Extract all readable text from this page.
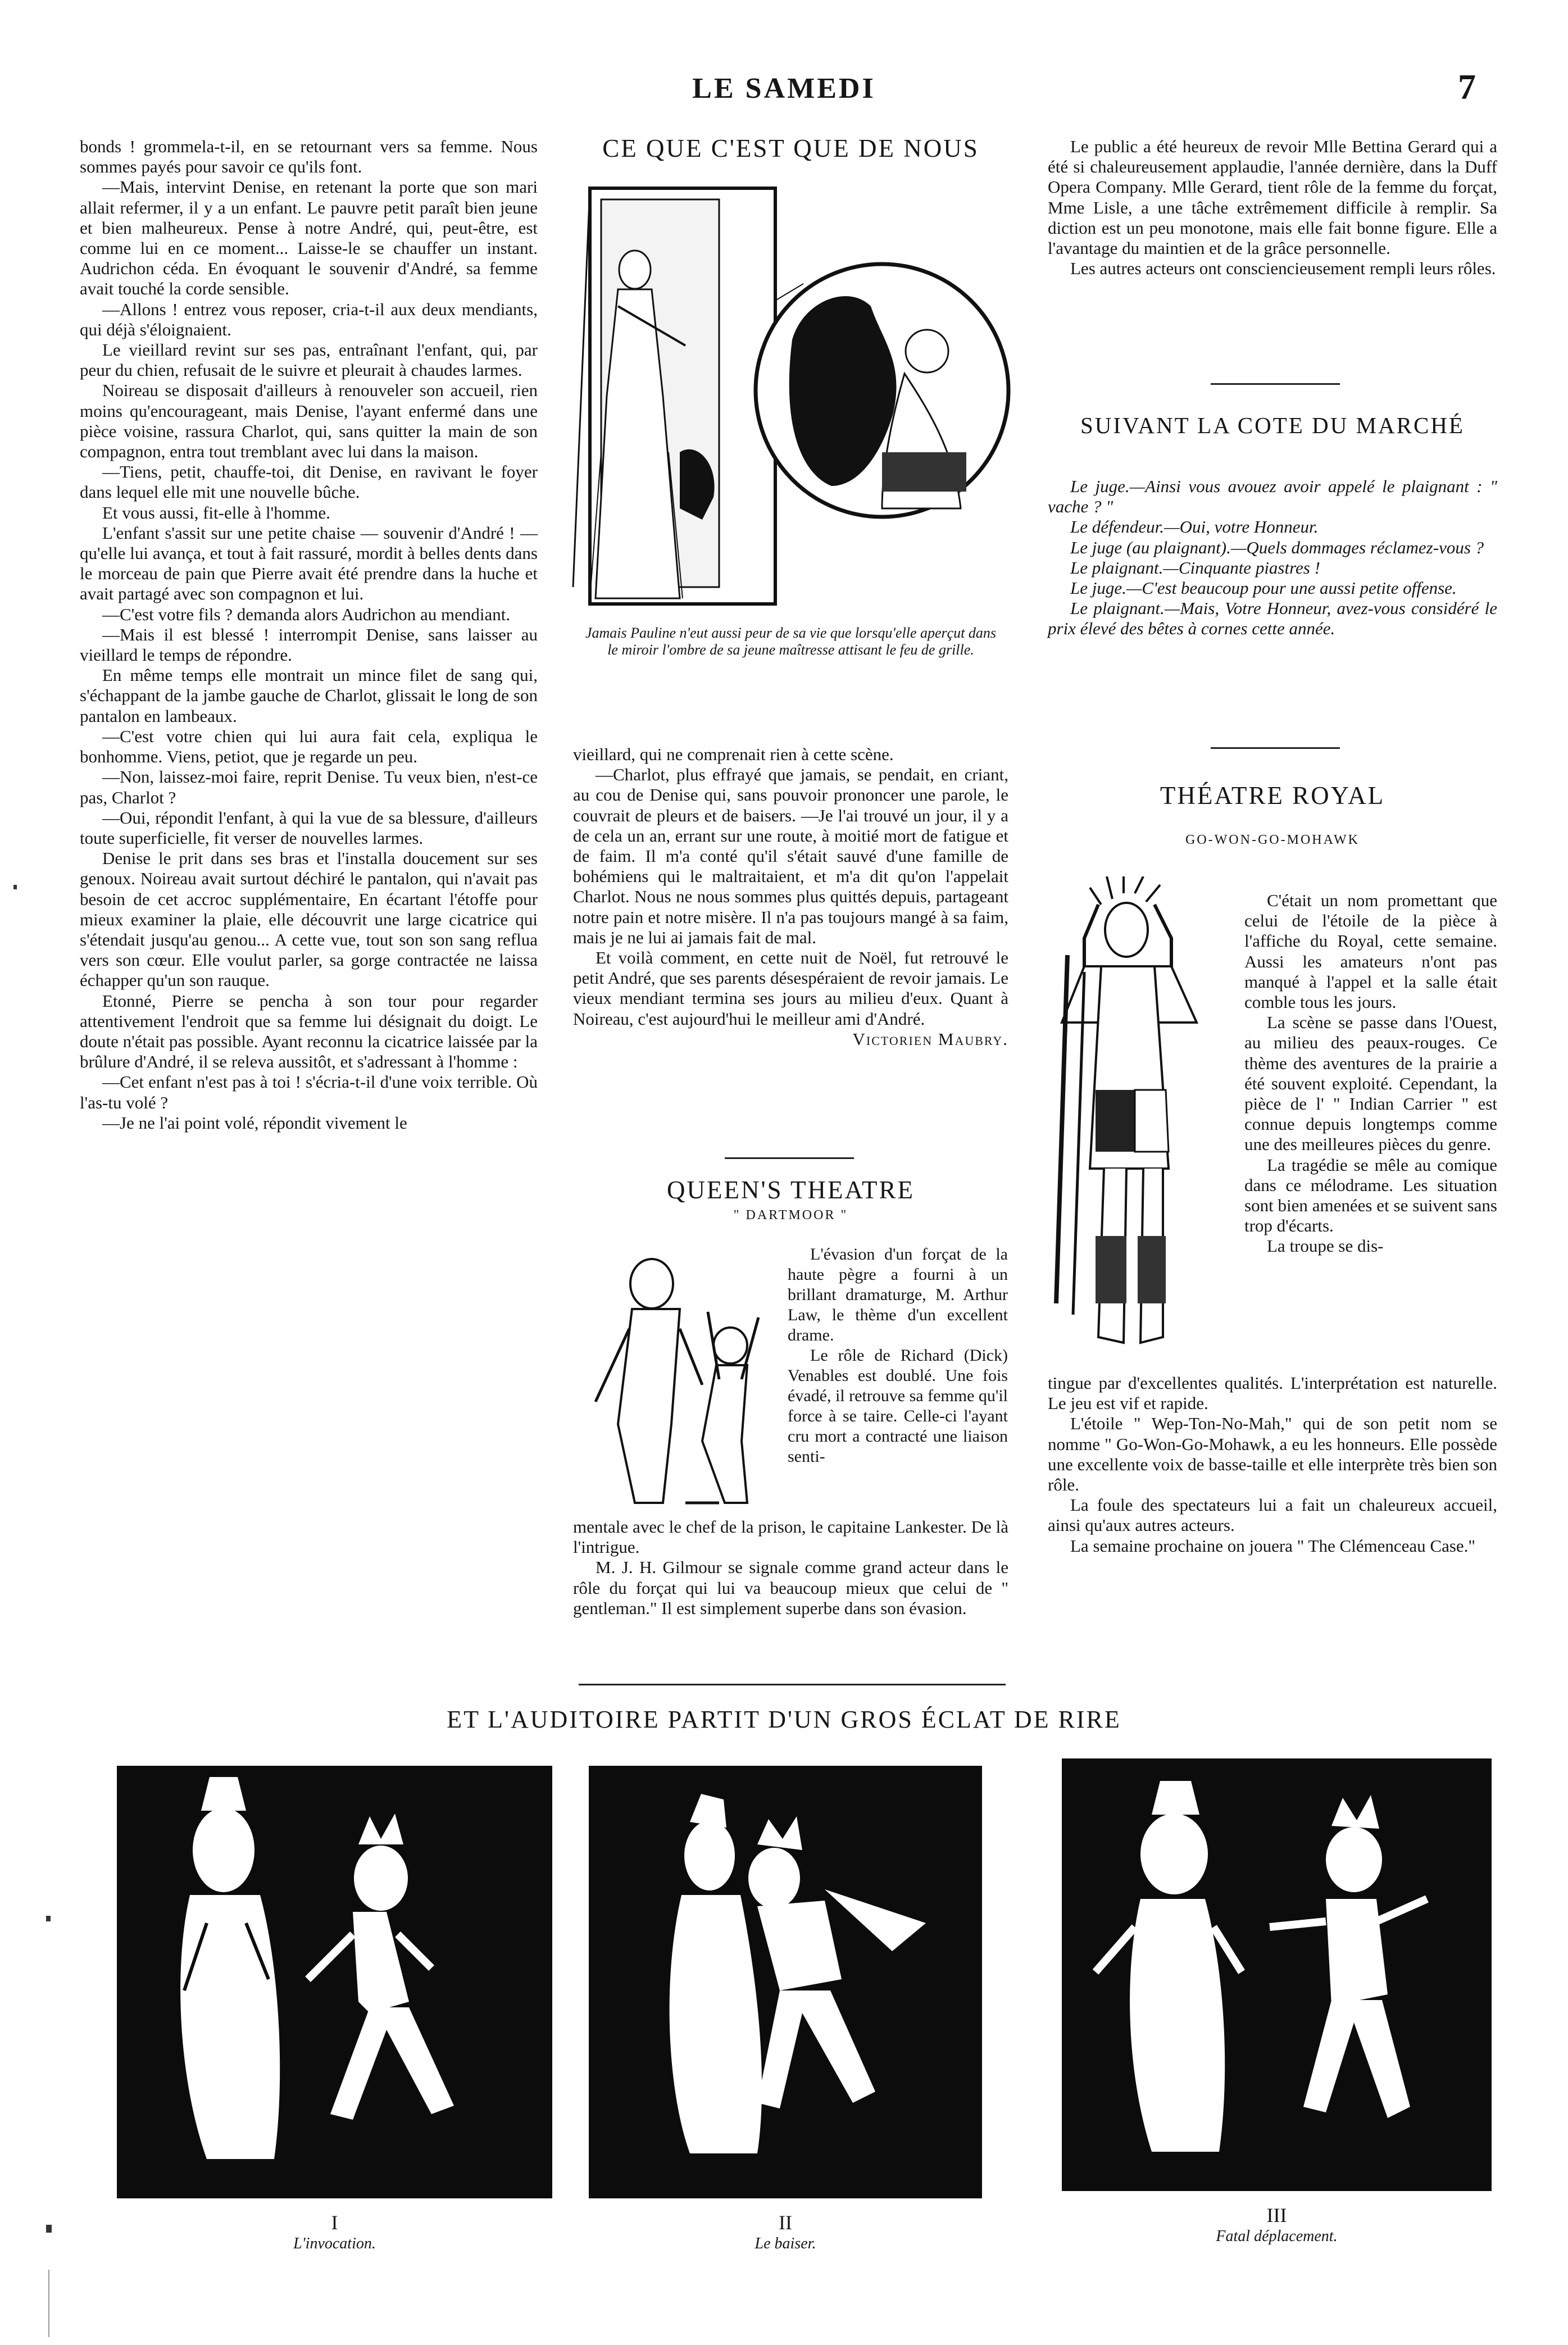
LE SAMEDI	7

bonds ! grommela-t-il, en se retournant vers sa femme. Nous sommes payés pour savoir ce qu'ils font.

—Mais, intervint Denise, en retenant la porte que son mari allait refermer, il y a un enfant. Le pauvre petit paraît bien jeune et bien malheureux. Pense à notre André, qui, peut-être, est comme lui en ce moment... Laisse-le se chauffer un instant. Audrichon céda. En évoquant le souvenir d'André, sa femme avait touché la corde sensible.

—Allons ! entrez vous reposer, cria-t-il aux deux mendiants, qui déjà s'éloignaient.

Le vieillard revint sur ses pas, entraînant l'enfant, qui, par peur du chien, refusait de le suivre et pleurait à chaudes larmes.

Noireau se disposait d'ailleurs à renouveler son accueil, rien moins qu'encourageant, mais Denise, l'ayant enfermé dans une pièce voisine, rassura Charlot, qui, sans quitter la main de son compagnon, entra tout tremblant avec lui dans la maison.

—Tiens, petit, chauffe-toi, dit Denise, en ravivant le foyer dans lequel elle mit une nouvelle bûche.

Et vous aussi, fit-elle à l'homme.

L'enfant s'assit sur une petite chaise — souvenir d'André ! — qu'elle lui avança, et tout à fait rassuré, mordit à belles dents dans le morceau de pain que Pierre avait été prendre dans la huche et avait partagé avec son compagnon et lui.

—C'est votre fils ? demanda alors Audrichon au mendiant.

—Mais il est blessé ! interrompit Denise, sans laisser au vieillard le temps de répondre.

En même temps elle montrait un mince filet de sang qui, s'échappant de la jambe gauche de Charlot, glissait le long de son pantalon en lambeaux.

—C'est votre chien qui lui aura fait cela, expliqua le bonhomme. Viens, petiot, que je regarde un peu.

—Non, laissez-moi faire, reprit Denise. Tu veux bien, n'est-ce pas, Charlot ?

—Oui, répondit l'enfant, à qui la vue de sa blessure, d'ailleurs toute superficielle, fit verser de nouvelles larmes.

Denise le prit dans ses bras et l'installa doucement sur ses genoux. Noireau avait surtout déchiré le pantalon, qui n'avait pas besoin de cet accroc supplémentaire, En écartant l'étoffe pour mieux examiner la plaie, elle découvrit une large cicatrice qui s'étendait jusqu'au genou... A cette vue, tout son son sang reflua vers son cœur. Elle voulut parler, sa gorge contractée ne laissa échapper qu'un son rauque.

Etonné, Pierre se pencha à son tour pour regarder attentivement l'endroit que sa femme lui désignait du doigt. Le doute n'était pas possible. Ayant reconnu la cicatrice laissée par la brûlure d'André, il se releva aussitôt, et s'adressant à l'homme :

—Cet enfant n'est pas à toi ! s'écria-t-il d'une voix terrible. Où l'as-tu volé ?

—Je ne l'ai point volé, répondit vivement le

CE QUE C'EST QUE DE NOUS
Jamais Pauline n'eut aussi peur de sa vie que lorsqu'elle aperçut dans le miroir l'ombre de sa jeune maîtresse attisant le feu de grille.

vieillard, qui ne comprenait rien à cette scène.

—Charlot, plus effrayé que jamais, se pendait, en criant, au cou de Denise qui, sans pouvoir prononcer une parole, le couvrait de pleurs et de baisers. —Je l'ai trouvé un jour, il y a de cela un an, errant sur une route, à moitié mort de fatigue et de faim. Il m'a conté qu'il s'était sauvé d'une famille de bohémiens qui le maltraitaient, et m'a dit qu'on l'appelait Charlot. Nous ne nous sommes plus quittés depuis, partageant notre pain et notre misère. Il n'a pas toujours mangé à sa faim, mais je ne lui ai jamais fait de mal.

Et voilà comment, en cette nuit de Noël, fut retrouvé le petit André, que ses parents désespéraient de revoir jamais. Le vieux mendiant termina ses jours au milieu d'eux. Quant à Noireau, c'est aujourd'hui le meilleur ami d'André.

Victorien Maubry.

QUEEN'S THEATRE
" DARTMOOR "

L'évasion d'un forçat de la haute pègre a fourni à un brillant dramaturge, M. Arthur Law, le thème d'un excellent drame.

Le rôle de Richard (Dick) Venables est doublé. Une fois évadé, il retrouve sa femme qu'il force à se taire. Celle-ci l'ayant cru mort a contracté une liaison senti-

mentale avec le chef de la prison, le capitaine Lankester. De là l'intrigue.

M. J. H. Gilmour se signale comme grand acteur dans le rôle du forçat qui lui va beaucoup mieux que celui de " gentleman." Il est simplement superbe dans son évasion.

Le public a été heureux de revoir Mlle Bettina Gerard qui a été si chaleureusement applaudie, l'année dernière, dans la Duff Opera Company. Mlle Gerard, tient rôle de la femme du forçat, Mme Lisle, a une tâche extrêmement difficile à remplir. Sa diction est un peu monotone, mais elle fait bonne figure. Elle a l'avantage du maintien et de la grâce personnelle.

Les autres acteurs ont consciencieusement rempli leurs rôles.

SUIVANT LA COTE DU MARCHÉ

Le juge.—Ainsi vous avouez avoir appelé le plaignant : " vache ? "

Le défendeur.—Oui, votre Honneur.

Le juge (au plaignant).—Quels dommages réclamez-vous ?

Le plaignant.—Cinquante piastres !

Le juge.—C'est beaucoup pour une aussi petite offense.

Le plaignant.—Mais, Votre Honneur, avez-vous considéré le prix élevé des bêtes à cornes cette année.

THÉATRE ROYAL
GO-WON-GO-MOHAWK

C'était un nom promettant que celui de l'étoile de la pièce à l'affiche du Royal, cette semaine. Aussi les amateurs n'ont pas manqué à l'appel et la salle était comble tous les jours.

La scène se passe dans l'Ouest, au milieu des peaux-rouges. Ce thème des aventures de la prairie a été souvent exploité. Cependant, la pièce de l' " Indian Carrier " est connue depuis longtemps comme une des meilleures pièces du genre.

La tragédie se mêle au comique dans ce mélodrame. Les situation sont bien amenées et se suivent sans trop d'écarts.

La troupe se dis-

tingue par d'excellentes qualités. L'interprétation est naturelle. Le jeu est vif et rapide.

L'étoile " Wep-Ton-No-Mah," qui de son petit nom se nomme " Go-Won-Go-Mohawk, a eu les honneurs. Elle possède une excellente voix de basse-taille et elle interprète très bien son rôle.

La foule des spectateurs lui a fait un chaleureux accueil, ainsi qu'aux autres acteurs.

La semaine prochaine on jouera " The Clémenceau Case."

ET L'AUDITOIRE PARTIT D'UN GROS ÉCLAT DE RIRE
I
L'invocation.
II
Le baiser.
III
Fatal déplacement.
